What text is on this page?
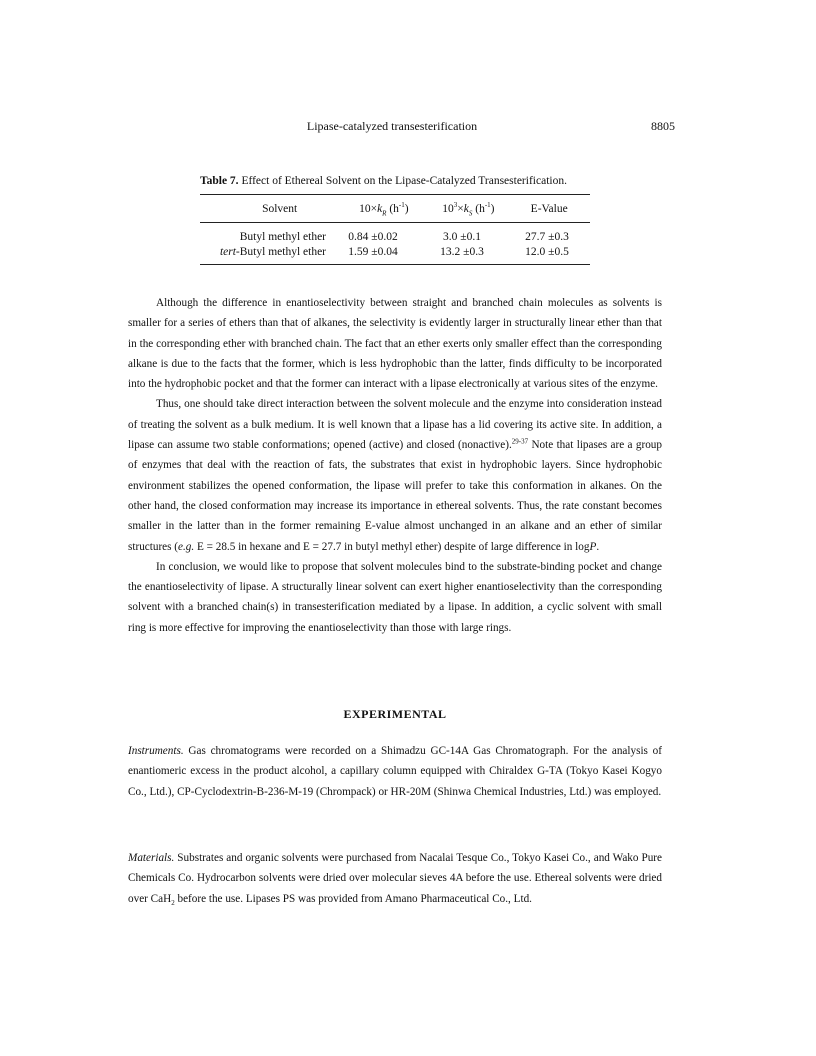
Lipase-catalyzed transesterification	8805
Table 7. Effect of Ethereal Solvent on the Lipase-Catalyzed Transesterification.
Solvent	$10\times k_R$ $(h^{-1})$	$10^3\times k_S$ $(h^{-1})$	E-Value

Butyl methyl ether	0.84 ±0.02	3.0 ±0.1	27.7 ±0.3
tert-Butyl methyl ether	1.59 ±0.04	13.2 ±0.3	12.0 ±0.5

Although the difference in enantioselectivity between straight and branched chain molecules as solvents is smaller for a series of ethers than that of alkanes, the selectivity is evidently larger in structurally linear ether than that in the corresponding ether with branched chain. The fact that an ether exerts only smaller effect than the corresponding alkane is due to the facts that the former, which is less hydrophobic than the latter, finds difficulty to be incorporated into the hydrophobic pocket and that the former can interact with a lipase electronically at various sites of the enzyme.

Thus, one should take direct interaction between the solvent molecule and the enzyme into consideration instead of treating the solvent as a bulk medium. It is well known that a lipase has a lid covering its active site. In addition, a lipase can assume two stable conformations; opened (active) and closed (nonactive).$^{29-37}$ Note that lipases are a group of enzymes that deal with the reaction of fats, the substrates that exist in hydrophobic layers. Since hydrophobic environment stabilizes the opened conformation, the lipase will prefer to take this conformation in alkanes. On the other hand, the closed conformation may increase its importance in ethereal solvents. Thus, the rate constant becomes smaller in the latter than in the former remaining E-value almost unchanged in an alkane and an ether of similar structures (e.g. E = 28.5 in hexane and E = 27.7 in butyl methyl ether) despite of large difference in logP.

In conclusion, we would like to propose that solvent molecules bind to the substrate-binding pocket and change the enantioselectivity of lipase. A structurally linear solvent can exert higher enantioselectivity than the corresponding solvent with a branched chain(s) in transesterification mediated by a lipase. In addition, a cyclic solvent with small ring is more effective for improving the enantioselectivity than those with large rings.

EXPERIMENTAL

Instruments. Gas chromatograms were recorded on a Shimadzu GC-14A Gas Chromatograph. For the analysis of enantiomeric excess in the product alcohol, a capillary column equipped with Chiraldex G-TA (Tokyo Kasei Kogyo Co., Ltd.), CP-Cyclodextrin-B-236-M-19 (Chrompack) or HR-20M (Shinwa Chemical Industries, Ltd.) was employed.

Materials. Substrates and organic solvents were purchased from Nacalai Tesque Co., Tokyo Kasei Co., and Wako Pure Chemicals Co. Hydrocarbon solvents were dried over molecular sieves 4A before the use. Ethereal solvents were dried over CaH$_2$ before the use. Lipases PS was provided from Amano Pharmaceutical Co., Ltd.
